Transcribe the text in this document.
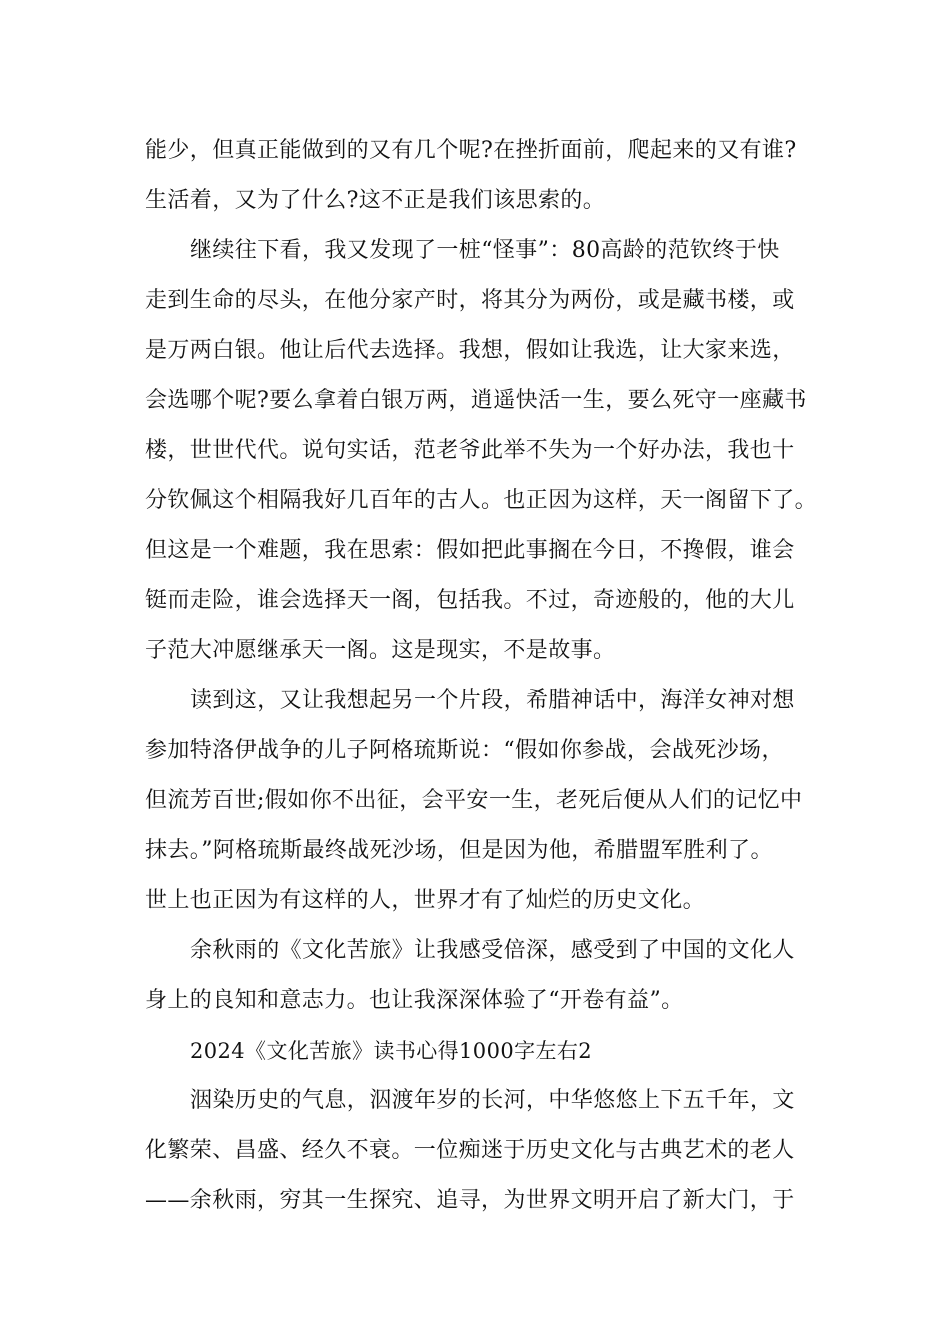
能少，但真正能做到的又有几个呢?在挫折面前，爬起来的又有谁?
生活着，又为了什么?这不正是我们该思索的。
继续往下看，我又发现了一桩“怪事”：80高龄的范钦终于快
走到生命的尽头，在他分家产时，将其分为两份，或是藏书楼，或
是万两白银。他让后代去选择。我想，假如让我选，让大家来选，
会选哪个呢?要么拿着白银万两，逍遥快活一生，要么死守一座藏书
楼，世世代代。说句实话，范老爷此举不失为一个好办法，我也十
分钦佩这个相隔我好几百年的古人。也正因为这样，天一阁留下了。
但这是一个难题，我在思索：假如把此事搁在今日，不搀假，谁会
铤而走险，谁会选择天一阁，包括我。不过，奇迹般的，他的大儿
子范大冲愿继承天一阁。这是现实，不是故事。
读到这，又让我想起另一个片段，希腊神话中，海洋女神对想
参加特洛伊战争的儿子阿格琉斯说：“假如你参战，会战死沙场，
但流芳百世;假如你不出征，会平安一生，老死后便从人们的记忆中
抹去。”阿格琉斯最终战死沙场，但是因为他，希腊盟军胜利了。
世上也正因为有这样的人，世界才有了灿烂的历史文化。
余秋雨的《文化苦旅》让我感受倍深，感受到了中国的文化人
身上的良知和意志力。也让我深深体验了“开卷有益”。
2024《文化苦旅》读书心得1000字左右2
洇染历史的气息，泅渡年岁的长河，中华悠悠上下五千年，文
化繁荣、昌盛、经久不衰。一位痴迷于历史文化与古典艺术的老人
——余秋雨，穷其一生探究、追寻，为世界文明开启了新大门，于
